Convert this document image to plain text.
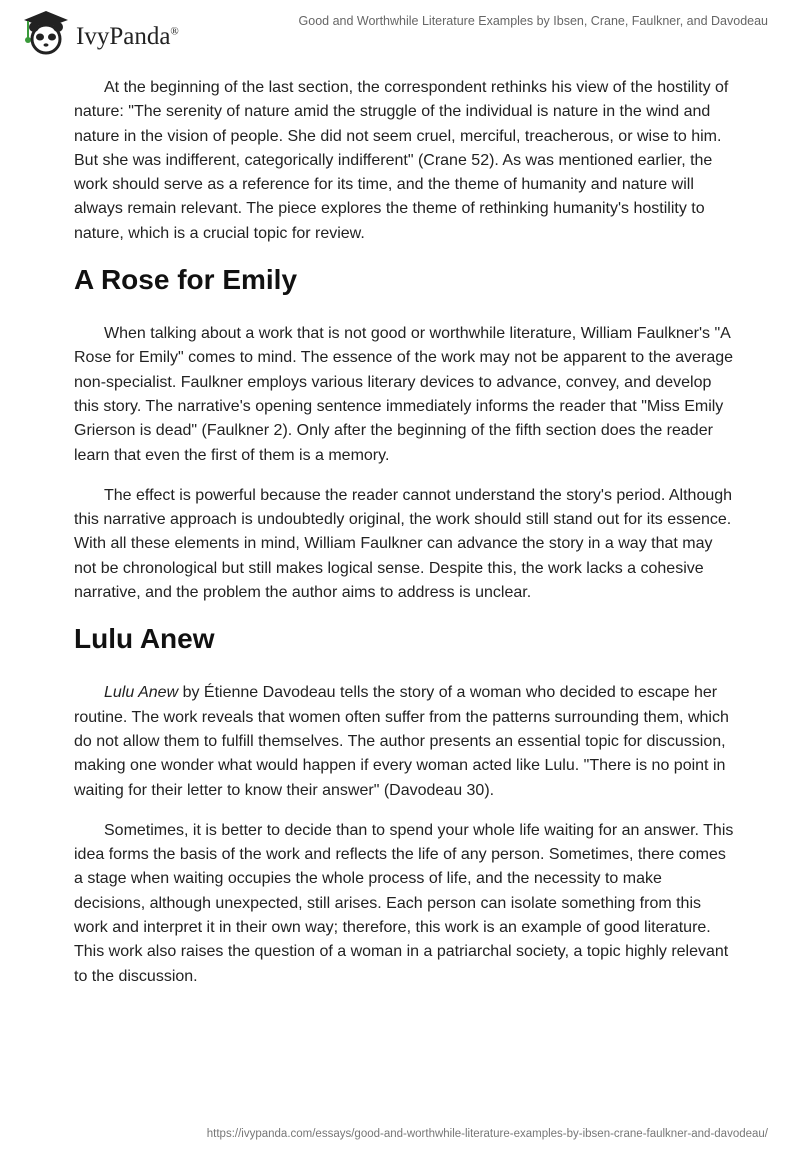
IvyPanda®
Good and Worthwhile Literature Examples by Ibsen, Crane, Faulkner, and Davodeau

At the beginning of the last section, the correspondent rethinks his view of the hostility of nature: "The serenity of nature amid the struggle of the individual is nature in the wind and nature in the vision of people. She did not seem cruel, merciful, treacherous, or wise to him. But she was indifferent, categorically indifferent" (Crane 52). As was mentioned earlier, the work should serve as a reference for its time, and the theme of humanity and nature will always remain relevant. The piece explores the theme of rethinking humanity's hostility to nature, which is a crucial topic for review.

A Rose for Emily

When talking about a work that is not good or worthwhile literature, William Faulkner's "A Rose for Emily" comes to mind. The essence of the work may not be apparent to the average non-specialist. Faulkner employs various literary devices to advance, convey, and develop this story. The narrative's opening sentence immediately informs the reader that "Miss Emily Grierson is dead" (Faulkner 2). Only after the beginning of the fifth section does the reader learn that even the first of them is a memory.

The effect is powerful because the reader cannot understand the story's period. Although this narrative approach is undoubtedly original, the work should still stand out for its essence. With all these elements in mind, William Faulkner can advance the story in a way that may not be chronological but still makes logical sense. Despite this, the work lacks a cohesive narrative, and the problem the author aims to address is unclear.

Lulu Anew

Lulu Anew by Étienne Davodeau tells the story of a woman who decided to escape her routine. The work reveals that women often suffer from the patterns surrounding them, which do not allow them to fulfill themselves. The author presents an essential topic for discussion, making one wonder what would happen if every woman acted like Lulu. "There is no point in waiting for their letter to know their answer" (Davodeau 30).

Sometimes, it is better to decide than to spend your whole life waiting for an answer. This idea forms the basis of the work and reflects the life of any person. Sometimes, there comes a stage when waiting occupies the whole process of life, and the necessity to make decisions, although unexpected, still arises. Each person can isolate something from this work and interpret it in their own way; therefore, this work is an example of good literature. This work also raises the question of a woman in a patriarchal society, a topic highly relevant to the discussion.

https://ivypanda.com/essays/good-and-worthwhile-literature-examples-by-ibsen-crane-faulkner-and-davodeau/
